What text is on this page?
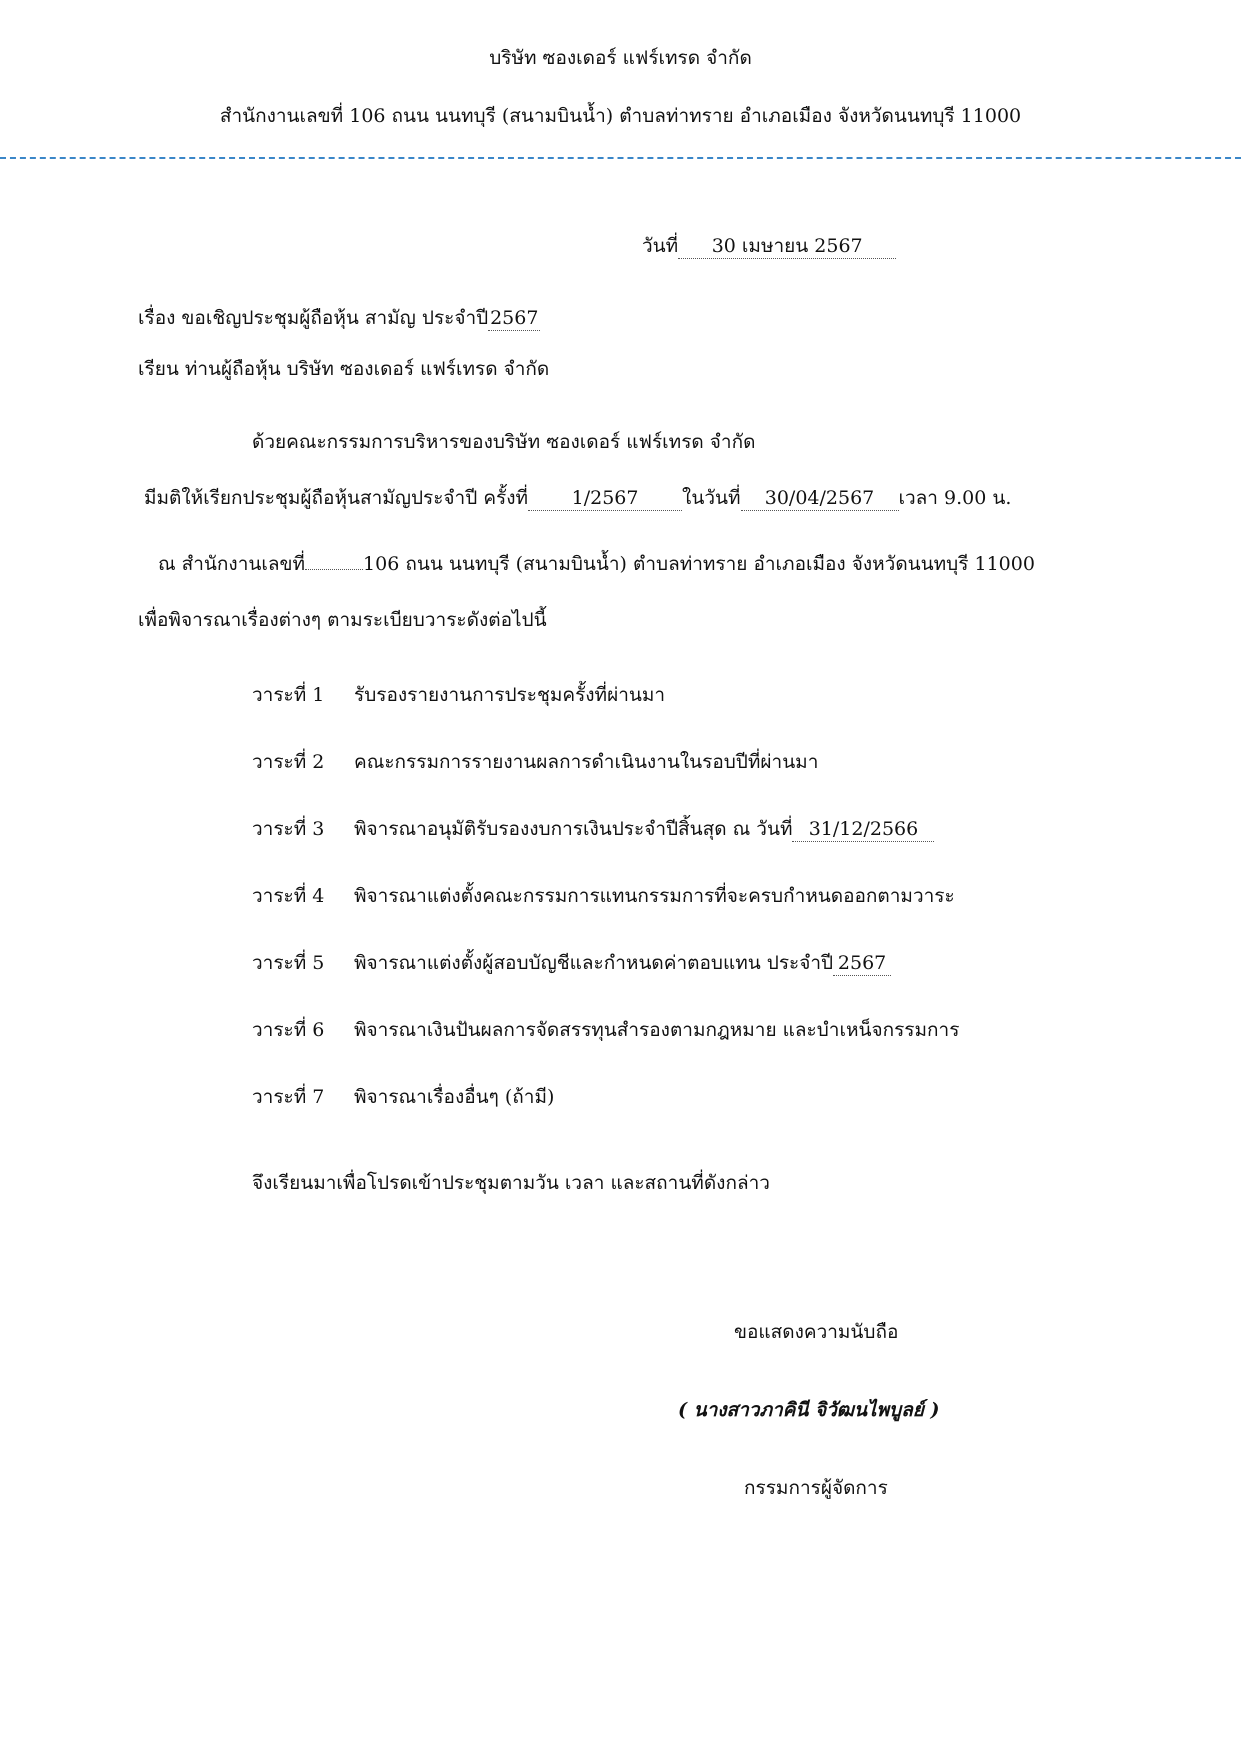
บริษัท ซองเดอร์ แฟร์เทรด จำกัด
สำนักงานเลขที่ 106 ถนน นนทบุรี (สนามบินน้ำ) ตำบลท่าทราย อำเภอเมือง จังหวัดนนทบุรี 11000
วันที่ 30 เมษายน 2567
เรื่อง ขอเชิญประชุมผู้ถือหุ้น สามัญ ประจำปี2567
เรียน ท่านผู้ถือหุ้น บริษัท ซองเดอร์ แฟร์เทรด จำกัด
ด้วยคณะกรรมการบริหารของบริษัท ซองเดอร์ แฟร์เทรด จำกัด
มีมติให้เรียกประชุมผู้ถือหุ้นสามัญประจำปี ครั้งที่ 1/2567 ในวันที่ 30/04/2567 เวลา 9.00 น.
ณ สำนักงานเลขที่	106 ถนน นนทบุรี (สนามบินน้ำ) ตำบลท่าทราย อำเภอเมือง จังหวัดนนทบุรี 11000
เพื่อพิจารณาเรื่องต่างๆ ตามระเบียบวาระดังต่อไปนี้
วาระที่ 1 รับรองรายงานการประชุมครั้งที่ผ่านมา
วาระที่ 2 คณะกรรมการรายงานผลการดำเนินงานในรอบปีที่ผ่านมา
วาระที่ 3 พิจารณาอนุมัติรับรองงบการเงินประจำปีสิ้นสุด ณ วันที่ 31/12/2566
วาระที่ 4 พิจารณาแต่งตั้งคณะกรรมการแทนกรรมการที่จะครบกำหนดออกตามวาระ
วาระที่ 5 พิจารณาแต่งตั้งผู้สอบบัญชีและกำหนดค่าตอบแทน ประจำปี 2567
วาระที่ 6 พิจารณาเงินปันผลการจัดสรรทุนสำรองตามกฎหมาย และบำเหน็จกรรมการ
วาระที่ 7 พิจารณาเรื่องอื่นๆ (ถ้ามี)
จึงเรียนมาเพื่อโปรดเข้าประชุมตามวัน เวลา และสถานที่ดังกล่าว
ขอแสดงความนับถือ
( นางสาวภาคินี จิวัฒนไพบูลย์ )
กรรมการผู้จัดการ
